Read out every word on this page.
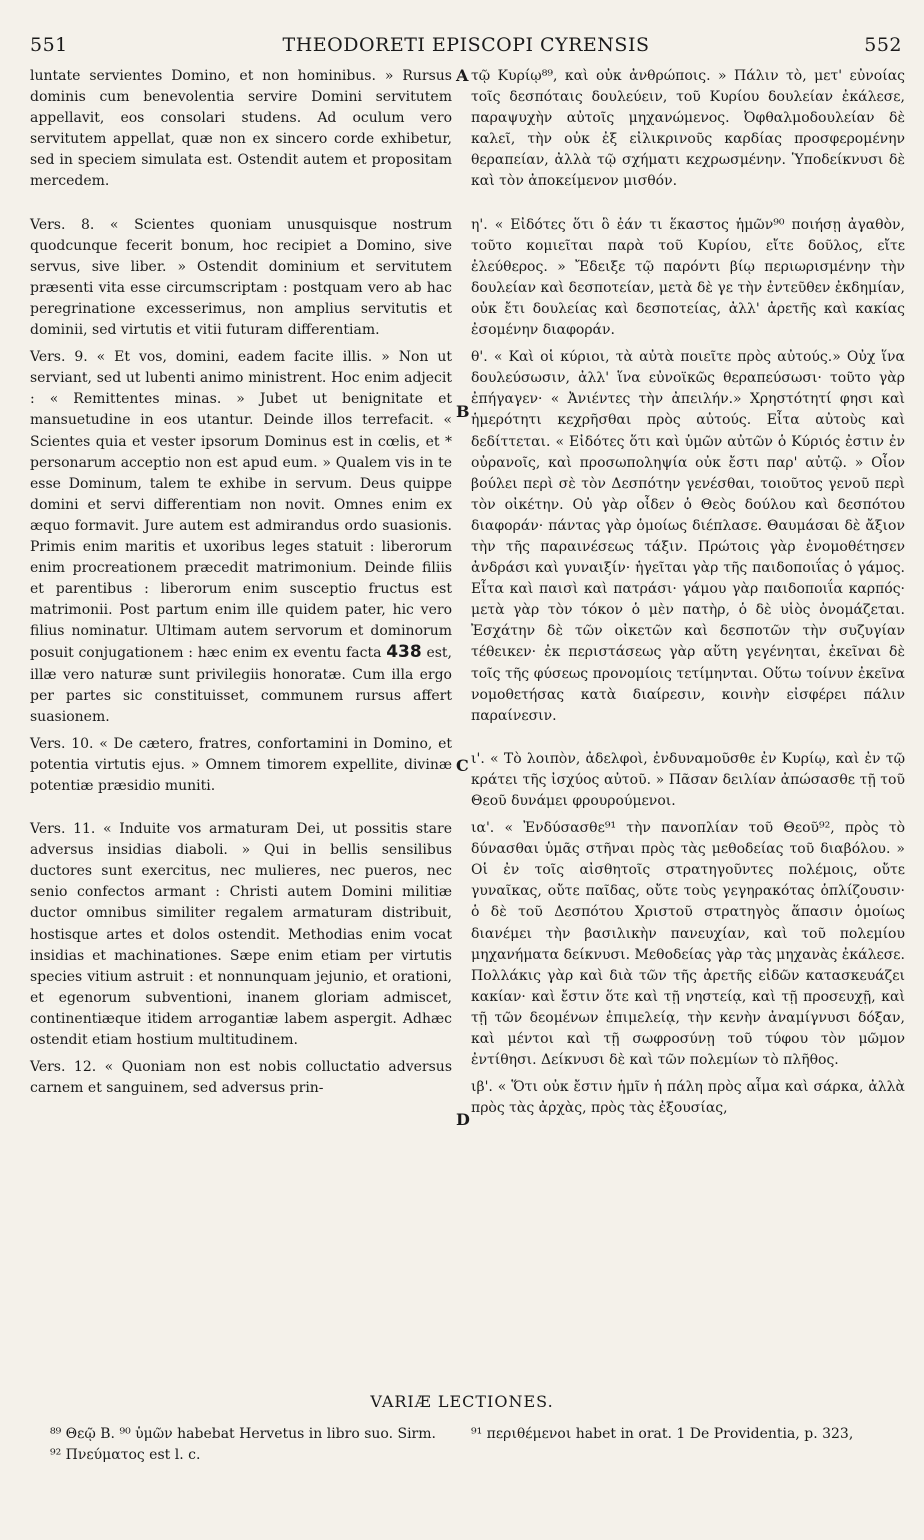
551	THEODORETI EPISCOPI CYRENSIS	552

luntate servientes Domino, et non hominibus. » Rursus dominis cum benevolentia servire Domini servitutem appellavit, eos consolari studens. Ad oculum vero servitutem appellat, quæ non ex sincero corde exhibetur, sed in speciem simulata est. Ostendit autem et propositam mercedem.

Vers. 8. « Scientes quoniam unusquisque nostrum quodcunque fecerit bonum, hoc recipiet a Domino, sive servus, sive liber. » Ostendit dominium et servitutem præsenti vita esse circumscriptam : postquam vero ab hac peregrinatione excesserimus, non amplius servitutis et dominii, sed virtutis et vitii futuram differentiam.

Vers. 9. « Et vos, domini, eadem facite illis. » Non ut serviant, sed ut lubenti animo ministrent. Hoc enim adjecit : « Remittentes minas. » Jubet ut benignitate et mansuetudine in eos utantur. Deinde illos terrefacit. « Scientes quia et vester ipsorum Dominus est in cœlis, et * personarum acceptio non est apud eum. » Qualem vis in te esse Dominum, talem te exhibe in servum. Deus quippe domini et servi differentiam non novit. Omnes enim ex æquo formavit. Jure autem est admirandus ordo suasionis. Primis enim maritis et uxoribus leges statuit : liberorum enim procreationem præcedit matrimonium. Deinde filiis et parentibus : liberorum enim susceptio fructus est matrimonii. Post partum enim ille quidem pater, hic vero filius nominatur. Ultimam autem servorum et dominorum posuit conjugationem : hæc enim ex eventu facta 438 est, illæ vero naturæ sunt privilegiis honoratæ. Cum illa ergo per partes sic constituisset, communem rursus affert suasionem.

Vers. 10. « De cætero, fratres, confortamini in Domino, et potentia virtutis ejus. » Omnem timorem expellite, divinæ potentiæ præsidio muniti.

Vers. 11. « Induite vos armaturam Dei, ut possitis stare adversus insidias diaboli. » Qui in bellis sensilibus ductores sunt exercitus, nec mulieres, nec pueros, nec senio confectos armant : Christi autem Domini militiæ ductor omnibus similiter regalem armaturam distribuit, hostisque artes et dolos ostendit. Methodias enim vocat insidias et machinationes. Sæpe enim etiam per virtutis species vitium astruit : et nonnunquam jejunio, et orationi, et egenorum subventioni, inanem gloriam admiscet, continentiæque itidem arrogantiæ labem aspergit. Adhæc ostendit etiam hostium multitudinem.

Vers. 12. « Quoniam non est nobis colluctatio adversus carnem et sanguinem, sed adversus prin-

A
B
C
D

τῷ Κυρίῳ⁸⁹, καὶ οὐκ ἀνθρώποις. » Πάλιν τὸ, μετ' εὐνοίας τοῖς δεσπόταις δουλεύειν, τοῦ Κυρίου δουλείαν ἐκάλεσε, παραψυχὴν αὐτοῖς μηχανώμενος. Ὀφθαλμοδουλείαν δὲ καλεῖ, τὴν οὐκ ἐξ εἰλικρινοῦς καρδίας προσφερομένην θεραπείαν, ἀλλὰ τῷ σχήματι κεχρωσμένην. Ὑποδείκνυσι δὲ καὶ τὸν ἀποκείμενον μισθόν.

η'. « Εἰδότες ὅτι ὃ ἐάν τι ἕκαστος ἡμῶν⁹⁰ ποιήσῃ ἀγαθὸν, τοῦτο κομιεῖται παρὰ τοῦ Κυρίου, εἴτε δοῦλος, εἴτε ἐλεύθερος. » Ἔδειξε τῷ παρόντι βίῳ περιωρισμένην τὴν δουλείαν καὶ δεσποτείαν, μετὰ δὲ γε τὴν ἐντεῦθεν ἐκδημίαν, οὐκ ἔτι δουλείας καὶ δεσποτείας, ἀλλ' ἀρετῆς καὶ κακίας ἐσομένην διαφοράν.

θ'. « Καὶ οἱ κύριοι, τὰ αὐτὰ ποιεῖτε πρὸς αὐτούς.» Οὐχ ἵνα δουλεύσωσιν, ἀλλ' ἵνα εὐνοϊκῶς θεραπεύσωσι· τοῦτο γὰρ ἐπήγαγεν· « Ἀνιέντες τὴν ἀπειλήν.» Χρηστότητί φησι καὶ ἡμερότητι κεχρῆσθαι πρὸς αὐτούς. Εἶτα αὐτοὺς καὶ δεδίττεται. « Εἰδότες ὅτι καὶ ὑμῶν αὐτῶν ὁ Κύριός ἐστιν ἐν οὐρανοῖς, καὶ προσωποληψία οὐκ ἔστι παρ' αὐτῷ. » Οἷον βούλει περὶ σὲ τὸν Δεσπότην γενέσθαι, τοιοῦτος γενοῦ περὶ τὸν οἰκέτην. Οὐ γὰρ οἶδεν ὁ Θεὸς δούλου καὶ δεσπότου διαφοράν· πάντας γὰρ ὁμοίως διέπλασε. Θαυμάσαι δὲ ἄξιον τὴν τῆς παραινέσεως τάξιν. Πρώτοις γὰρ ἐνομοθέτησεν ἀνδράσι καὶ γυναιξίν· ἡγεῖται γὰρ τῆς παιδοποιΐας ὁ γάμος. Εἶτα καὶ παισὶ καὶ πατράσι· γάμου γὰρ παιδοποιΐα καρπός· μετὰ γὰρ τὸν τόκον ὁ μὲν πατὴρ, ὁ δὲ υἱὸς ὀνομάζεται. Ἐσχάτην δὲ τῶν οἰκετῶν καὶ δεσποτῶν τὴν συζυγίαν τέθεικεν· ἐκ περιστάσεως γὰρ αὕτη γεγένηται, ἐκεῖναι δὲ τοῖς τῆς φύσεως προνομίοις τετίμηνται. Οὕτω τοίνυν ἐκεῖνα νομοθετήσας κατὰ διαίρεσιν, κοινὴν εἰσφέρει πάλιν παραίνεσιν.

ι'. « Τὸ λοιπὸν, ἀδελφοὶ, ἐνδυναμοῦσθε ἐν Κυρίῳ, καὶ ἐν τῷ κράτει τῆς ἰσχύος αὐτοῦ. » Πᾶσαν δειλίαν ἀπώσασθε τῇ τοῦ Θεοῦ δυνάμει φρουρούμενοι.

ια'. « Ἐνδύσασθε⁹¹ τὴν πανοπλίαν τοῦ Θεοῦ⁹², πρὸς τὸ δύνασθαι ὑμᾶς στῆναι πρὸς τὰς μεθοδείας τοῦ διαβόλου. » Οἱ ἐν τοῖς αἰσθητοῖς στρατηγοῦντες πολέμοις, οὔτε γυναῖκας, οὔτε παῖδας, οὔτε τοὺς γεγηρακότας ὁπλίζουσιν· ὁ δὲ τοῦ Δεσπότου Χριστοῦ στρατηγὸς ἅπασιν ὁμοίως διανέμει τὴν βασιλικὴν πανευχίαν, καὶ τοῦ πολεμίου μηχανήματα δείκνυσι. Μεθοδείας γὰρ τὰς μηχανὰς ἐκάλεσε. Πολλάκις γὰρ καὶ διὰ τῶν τῆς ἀρετῆς εἰδῶν κατασκευάζει κακίαν· καὶ ἔστιν ὅτε καὶ τῇ νηστείᾳ, καὶ τῇ προσευχῇ, καὶ τῇ τῶν δεομένων ἐπιμελείᾳ, τὴν κενὴν ἀναμίγνυσι δόξαν, καὶ μέντοι καὶ τῇ σωφροσύνῃ τοῦ τύφου τὸν μῶμον ἐντίθησι. Δείκνυσι δὲ καὶ τῶν πολεμίων τὸ πλῆθος.

ιβ'. « Ὅτι οὐκ ἔστιν ἡμῖν ἡ πάλη πρὸς αἷμα καὶ σάρκα, ἀλλὰ πρὸς τὰς ἀρχὰς, πρὸς τὰς ἐξουσίας,

VARIÆ LECTIONES.
⁸⁹ Θεῷ B. ⁹⁰ ὑμῶν habebat Hervetus in libro suo. Sirm. ⁹² Πνεύματος est l. c.
⁹¹ περιθέμενοι habet in orat. 1 De Providentia, p. 323,
